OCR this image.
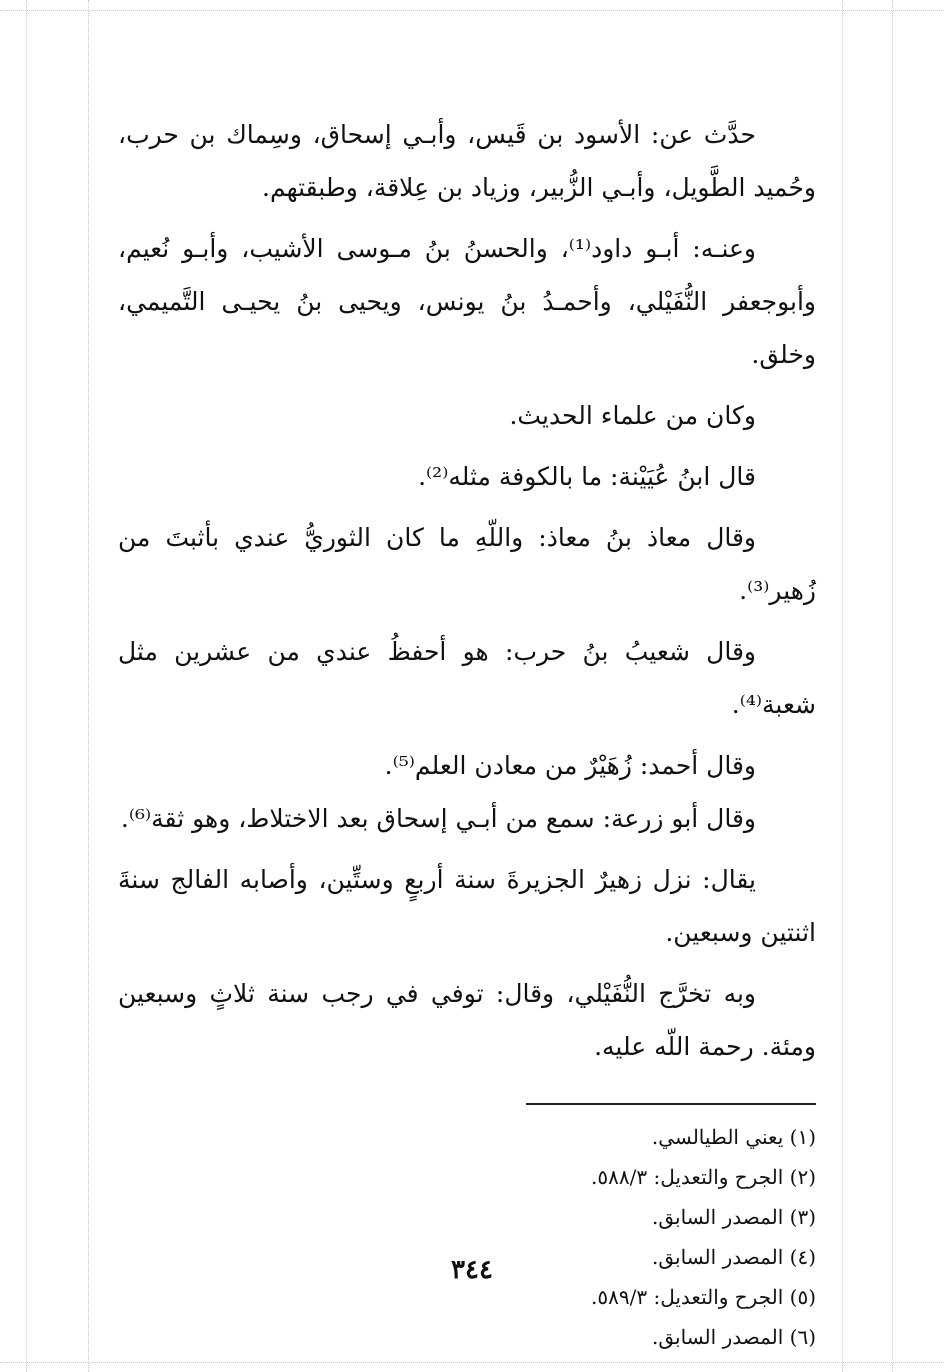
حدَّث عن: الأسود بن قَيس، وأبـي إسحاق، وسِماك بن حرب، وحُميد الطَّويل، وأبـي الزُّبير، وزياد بن عِلاقة، وطبقتهم.

وعنـه: أبـو داود⁽¹⁾، والحسنُ بنُ مـوسى الأشيب، وأبـو نُعيم، وأبوجعفر النُّفَيْلي، وأحمـدُ بنُ يونس، ويحيى بنُ يحيـى التَّميمي، وخلق.

وكان من علماء الحديث.

قال ابنُ عُيَيْنة: ما بالكوفة مثله⁽²⁾.

وقال معاذ بنُ معاذ: واللّهِ ما كان الثوريُّ عندي بأثبتَ من زُهير⁽³⁾.

وقال شعيبُ بنُ حرب: هو أحفظُ عندي من عشرين مثل شعبة⁽⁴⁾.

وقال أحمد: زُهَيْرٌ من معادن العلم⁽⁵⁾.

وقال أبو زرعة: سمع من أبـي إسحاق بعد الاختلاط، وهو ثقة⁽⁶⁾.

يقال: نزل زهيرٌ الجزيرةَ سنة أربعٍ وستِّين، وأصابه الفالج سنةَ اثنتين وسبعين.

وبه تخرَّج النُّفَيْلي، وقال: توفي في رجب سنة ثلاثٍ وسبعين ومئة. رحمة اللّه عليه.

(١) يعني الطيالسي.

(٢) الجرح والتعديل: ٥٨٨/٣.

(٣) المصدر السابق.

(٤) المصدر السابق.

(٥) الجرح والتعديل: ٥٨٩/٣.

(٦) المصدر السابق.

٣٤٤
